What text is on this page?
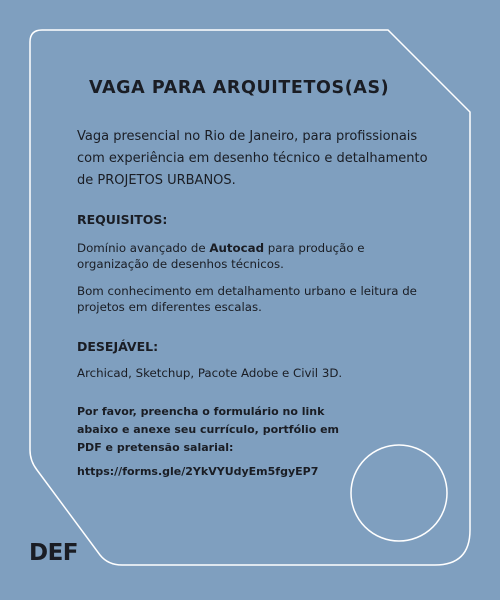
VAGA PARA ARQUITETOS(AS)

Vaga presencial no Rio de Janeiro, para profissionais com experiência em desenho técnico e detalhamento de PROJETOS URBANOS.

REQUISITOS:

Domínio avançado de Autocad para produção e organização de desenhos técnicos.

Bom conhecimento em detalhamento urbano e leitura de projetos em diferentes escalas.

DESEJÁVEL:

Archicad, Sketchup, Pacote Adobe e Civil 3D.

Por favor, preencha o formulário no link abaixo e anexe seu currículo, portfólio em PDF e pretensão salarial:

https://forms.gle/2YkVYUdyEm5fgyEP7

DEF
